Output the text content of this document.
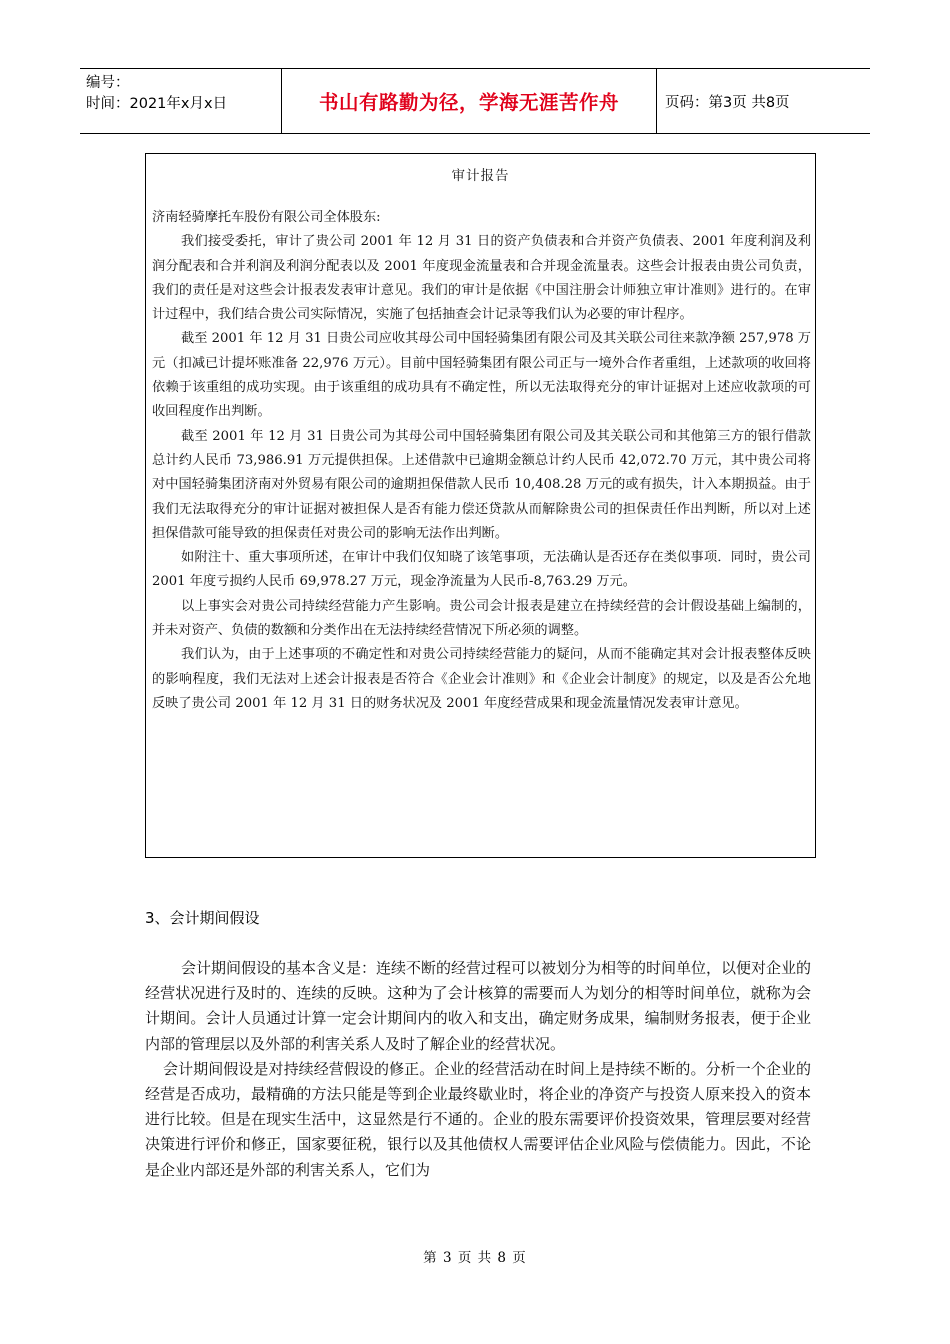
编号：
时间：2021年x月x日	书山有路勤为径，学海无涯苦作舟	页码：第3页 共8页
审计报告

济南轻骑摩托车股份有限公司全体股东:

我们接受委托，审计了贵公司 2001 年 12 月 31 日的资产负债表和合并资产负债表、2001 年度利润及利润分配表和合并利润及利润分配表以及 2001 年度现金流量表和合并现金流量表。这些会计报表由贵公司负责，我们的责任是对这些会计报表发表审计意见。我们的审计是依据《中国注册会计师独立审计准则》进行的。在审计过程中，我们结合贵公司实际情况，实施了包括抽查会计记录等我们认为必要的审计程序。

截至 2001 年 12 月 31 日贵公司应收其母公司中国轻骑集团有限公司及其关联公司往来款净额 257,978 万元（扣减已计提坏账准备 22,976 万元）。目前中国轻骑集团有限公司正与一境外合作者重组，上述款项的收回将依赖于该重组的成功实现。由于该重组的成功具有不确定性，所以无法取得充分的审计证据对上述应收款项的可收回程度作出判断。

截至 2001 年 12 月 31 日贵公司为其母公司中国轻骑集团有限公司及其关联公司和其他第三方的银行借款总计约人民币 73,986.91 万元提供担保。上述借款中已逾期金额总计约人民币 42,072.70 万元，其中贵公司将对中国轻骑集团济南对外贸易有限公司的逾期担保借款人民币 10,408.28 万元的或有损失，计入本期损益。由于我们无法取得充分的审计证据对被担保人是否有能力偿还贷款从而解除贵公司的担保责任作出判断，所以对上述担保借款可能导致的担保责任对贵公司的影响无法作出判断。

如附注十、重大事项所述，在审计中我们仅知晓了该笔事项，无法确认是否还存在类似事项．同时，贵公司 2001 年度亏损约人民币 69,978.27 万元，现金净流量为人民币-8,763.29 万元。

以上事实会对贵公司持续经营能力产生影响。贵公司会计报表是建立在持续经营的会计假设基础上编制的，并未对资产、负债的数额和分类作出在无法持续经营情况下所必须的调整。

我们认为，由于上述事项的不确定性和对贵公司持续经营能力的疑问，从而不能确定其对会计报表整体反映的影响程度，我们无法对上述会计报表是否符合《企业会计准则》和《企业会计制度》的规定，以及是否公允地反映了贵公司 2001 年 12 月 31 日的财务状况及 2001 年度经营成果和现金流量情况发表审计意见。

3、会计期间假设

会计期间假设的基本含义是：连续不断的经营过程可以被划分为相等的时间单位，以便对企业的经营状况进行及时的、连续的反映。这种为了会计核算的需要而人为划分的相等时间单位，就称为会计期间。会计人员通过计算一定会计期间内的收入和支出，确定财务成果，编制财务报表，便于企业内部的管理层以及外部的利害关系人及时了解企业的经营状况。

会计期间假设是对持续经营假设的修正。企业的经营活动在时间上是持续不断的。分析一个企业的经营是否成功，最精确的方法只能是等到企业最终歇业时，将企业的净资产与投资人原来投入的资本进行比较。但是在现实生活中，这显然是行不通的。企业的股东需要评价投资效果，管理层要对经营决策进行评价和修正，国家要征税，银行以及其他债权人需要评估企业风险与偿债能力。因此，不论是企业内部还是外部的利害关系人，它们为

第 3 页 共 8 页
